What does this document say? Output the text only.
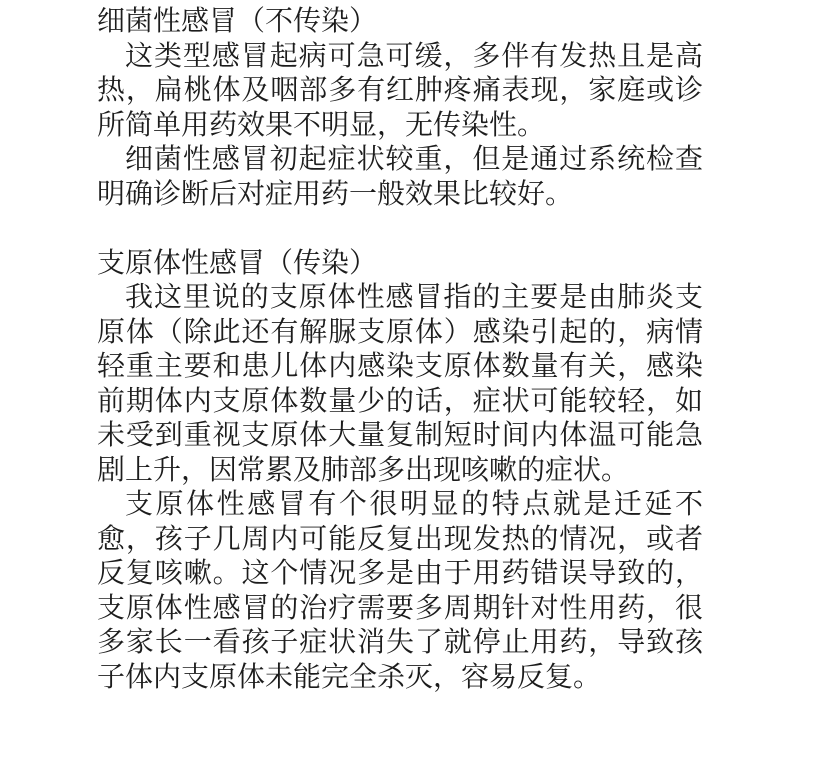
细菌性感冒（不传染）

这类型感冒起病可急可缓，多伴有发热且是高热，扁桃体及咽部多有红肿疼痛表现，家庭或诊所简单用药效果不明显，无传染性。

细菌性感冒初起症状较重，但是通过系统检查明确诊断后对症用药一般效果比较好。

支原体性感冒（传染）

我这里说的支原体性感冒指的主要是由肺炎支原体（除此还有解脲支原体）感染引起的，病情轻重主要和患儿体内感染支原体数量有关，感染前期体内支原体数量少的话，症状可能较轻，如未受到重视支原体大量复制短时间内体温可能急剧上升，因常累及肺部多出现咳嗽的症状。

支原体性感冒有个很明显的特点就是迁延不愈，孩子几周内可能反复出现发热的情况，或者反复咳嗽。这个情况多是由于用药错误导致的，支原体性感冒的治疗需要多周期针对性用药，很多家长一看孩子症状消失了就停止用药，导致孩子体内支原体未能完全杀灭，容易反复。
